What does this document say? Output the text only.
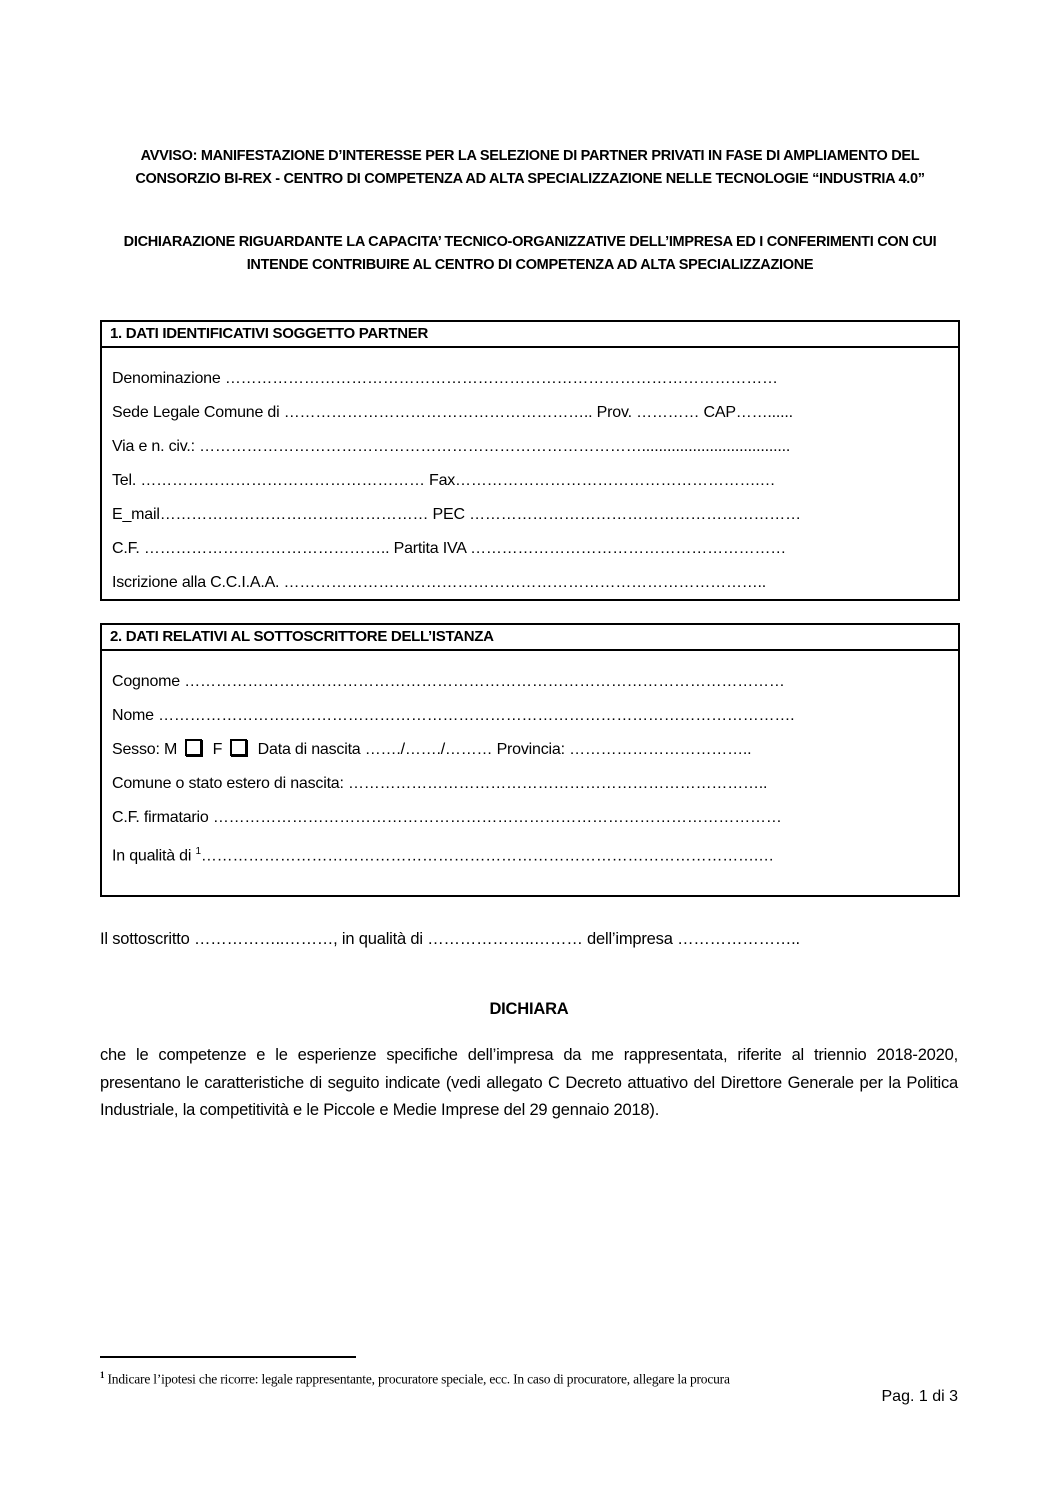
AVVISO: MANIFESTAZIONE D’INTERESSE PER LA SELEZIONE DI PARTNER PRIVATI IN FASE DI AMPLIAMENTO DEL CONSORZIO BI-REX - CENTRO DI COMPETENZA AD ALTA SPECIALIZZAZIONE NELLE TECNOLOGIE “INDUSTRIA 4.0”
DICHIARAZIONE RIGUARDANTE LA CAPACITA’ TECNICO-ORGANIZZATIVE DELL’IMPRESA ED I CONFERIMENTI CON CUI INTENDE CONTRIBUIRE AL CENTRO DI COMPETENZA AD ALTA SPECIALIZZAZIONE
1. DATI IDENTIFICATIVI SOGGETTO PARTNER
Denominazione ……………………………………………………………………………………………
Sede Legale Comune di ………………………………………………….. Prov. ………… CAP……......
Via e n. civ.: …………………………………………………………………………...................................
Tel. ……………………………………………… Fax………………………………………………….…
E_mail…………………………………………… PEC ………………………………………………………
C.F. ……………………………………….. Partita IVA ……………………………………………………
Iscrizione alla C.C.I.A.A. ………………………………………………………………………………..
2. DATI RELATIVI AL SOTTOSCRITTORE DELL’ISTANZA
Cognome ……………………………………………………………………………………………………
Nome ………………………………………………………………………………………………………….
Sesso: M F Data di nascita ……./……./……… Provincia: ……………………………..
Comune o stato estero di nascita: ……………………………………………………………………..
C.F. firmatario ………………………………………………………………………………………………
In qualità di $^1$…………………………………………………………………………………………….…
Il sottoscritto ……………..………, in qualità di ………………..……… dell’impresa …………………..
DICHIARA
che le competenze e le esperienze specifiche dell’impresa da me rappresentata, riferite al triennio 2018-2020, presentano le caratteristiche di seguito indicate (vedi allegato C Decreto attuativo del Direttore Generale per la Politica Industriale, la competitività e le Piccole e Medie Imprese del 29 gennaio 2018).
$^1$ Indicare l’ipotesi che ricorre: legale rappresentante, procuratore speciale, ecc. In caso di procuratore, allegare la procura
Pag. 1 di 3
